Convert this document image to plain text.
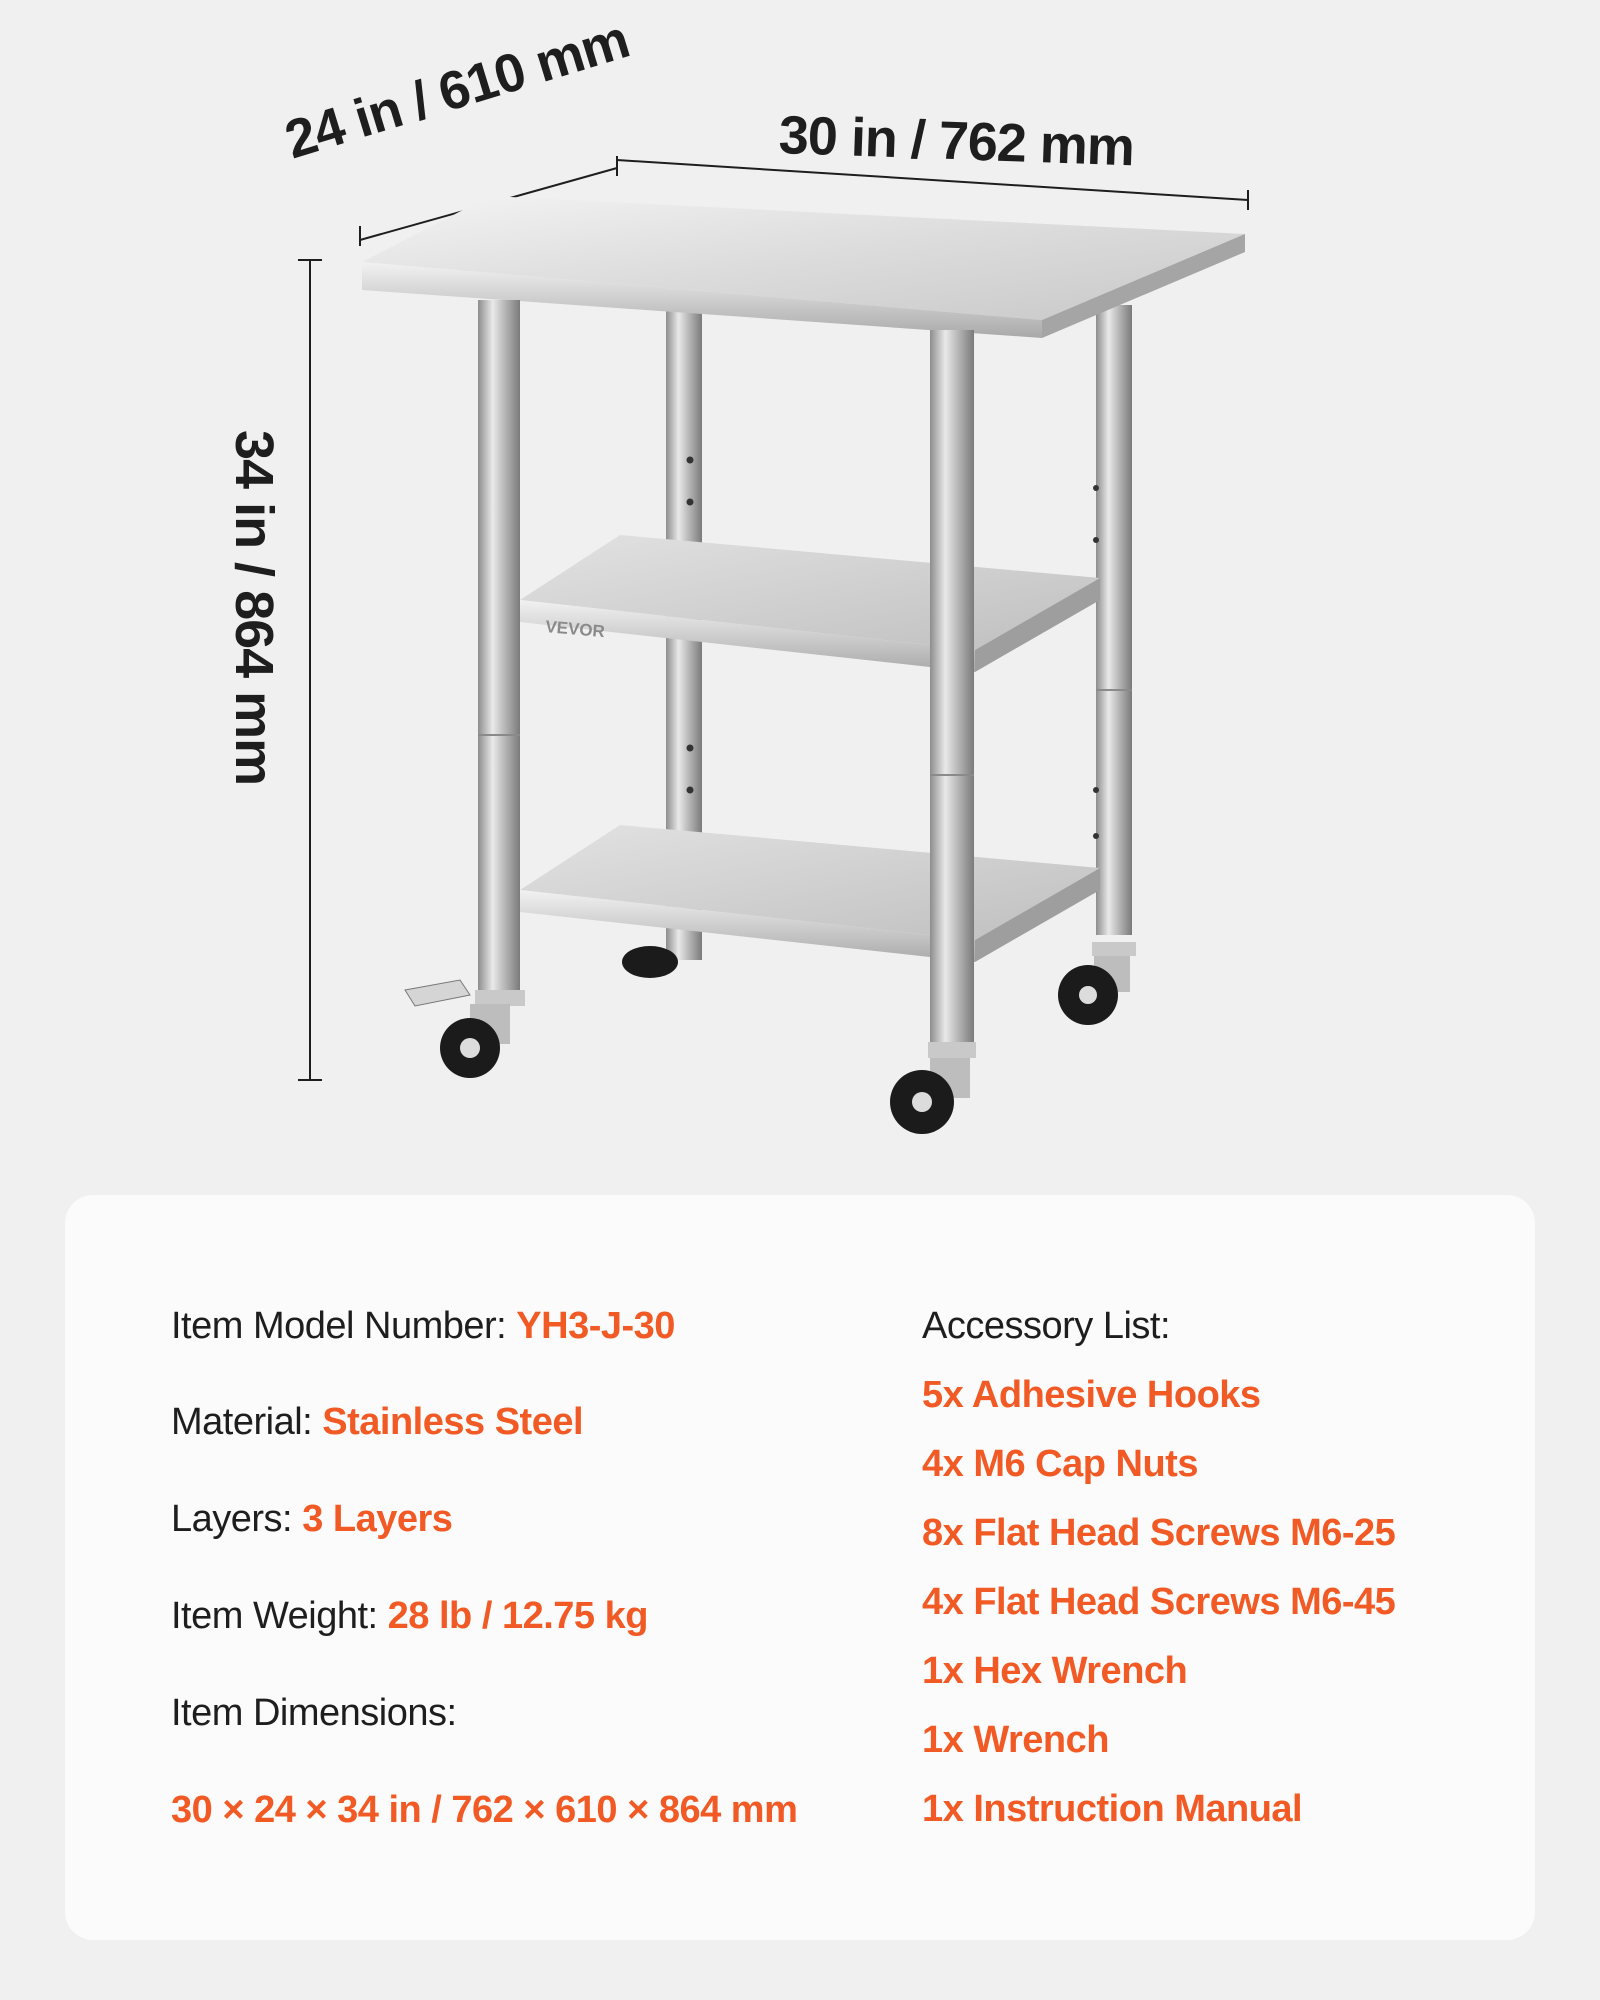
VEVOR
24 in / 610 mm	30 in / 762 mm
34 in / 864 mm
Item Model Number: YH3-J-30
Material: Stainless Steel
Layers: 3 Layers
Item Weight: 28 lb / 12.75 kg
Item Dimensions:
30 × 24 × 34 in / 762 × 610 × 864 mm
Accessory List:
5x Adhesive Hooks
4x M6 Cap Nuts
8x Flat Head Screws M6-25
4x Flat Head Screws M6-45
1x Hex Wrench
1x Wrench
1x Instruction Manual
